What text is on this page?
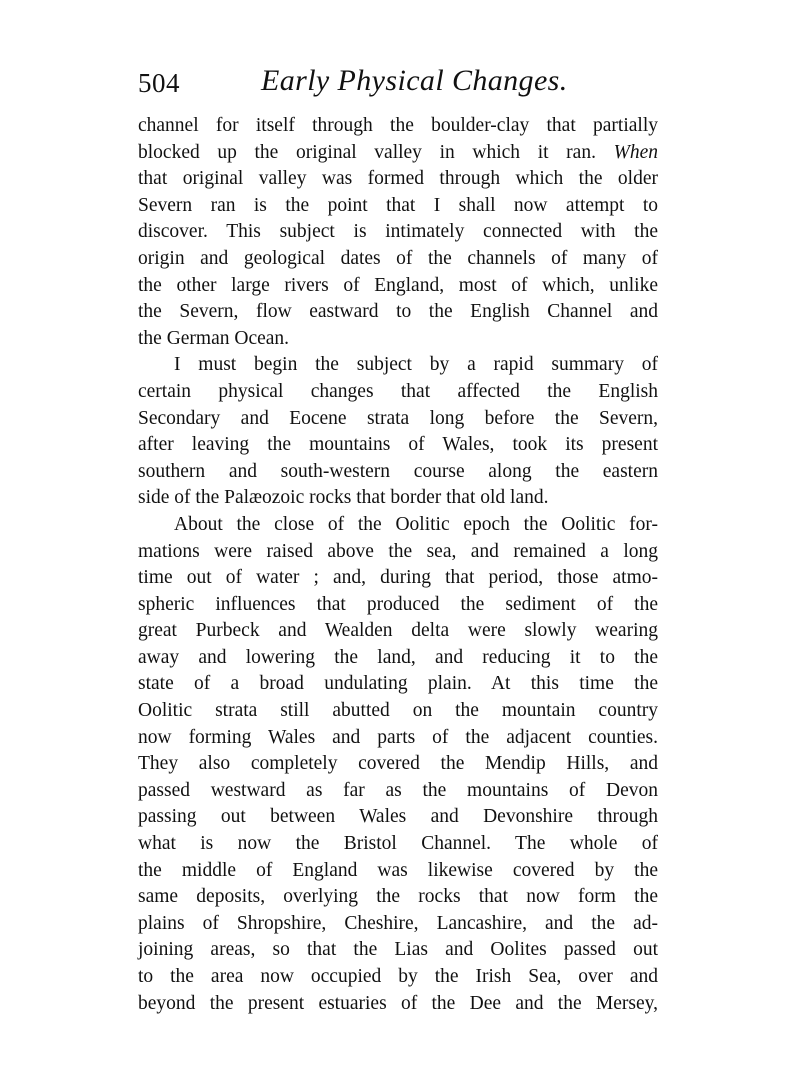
504	Early Physical Changes.
channel for itself through the boulder-clay that partially
blocked up the original valley in which it ran. When
that original valley was formed through which the older
Severn ran is the point that I shall now attempt to
discover. This subject is intimately connected with the
origin and geological dates of the channels of many of
the other large rivers of England, most of which, unlike
the Severn, flow eastward to the English Channel and
the German Ocean.
I must begin the subject by a rapid summary of
certain physical changes that affected the English
Secondary and Eocene strata long before the Severn,
after leaving the mountains of Wales, took its present
southern and south-western course along the eastern
side of the Palæozoic rocks that border that old land.
About the close of the Oolitic epoch the Oolitic for-
mations were raised above the sea, and remained a long
time out of water ; and, during that period, those atmo-
spheric influences that produced the sediment of the
great Purbeck and Wealden delta were slowly wearing
away and lowering the land, and reducing it to the
state of a broad undulating plain. At this time the
Oolitic strata still abutted on the mountain country
now forming Wales and parts of the adjacent counties.
They also completely covered the Mendip Hills, and
passed westward as far as the mountains of Devon
passing out between Wales and Devonshire through
what is now the Bristol Channel. The whole of
the middle of England was likewise covered by the
same deposits, overlying the rocks that now form the
plains of Shropshire, Cheshire, Lancashire, and the ad-
joining areas, so that the Lias and Oolites passed out
to the area now occupied by the Irish Sea, over and
beyond the present estuaries of the Dee and the Mersey,
